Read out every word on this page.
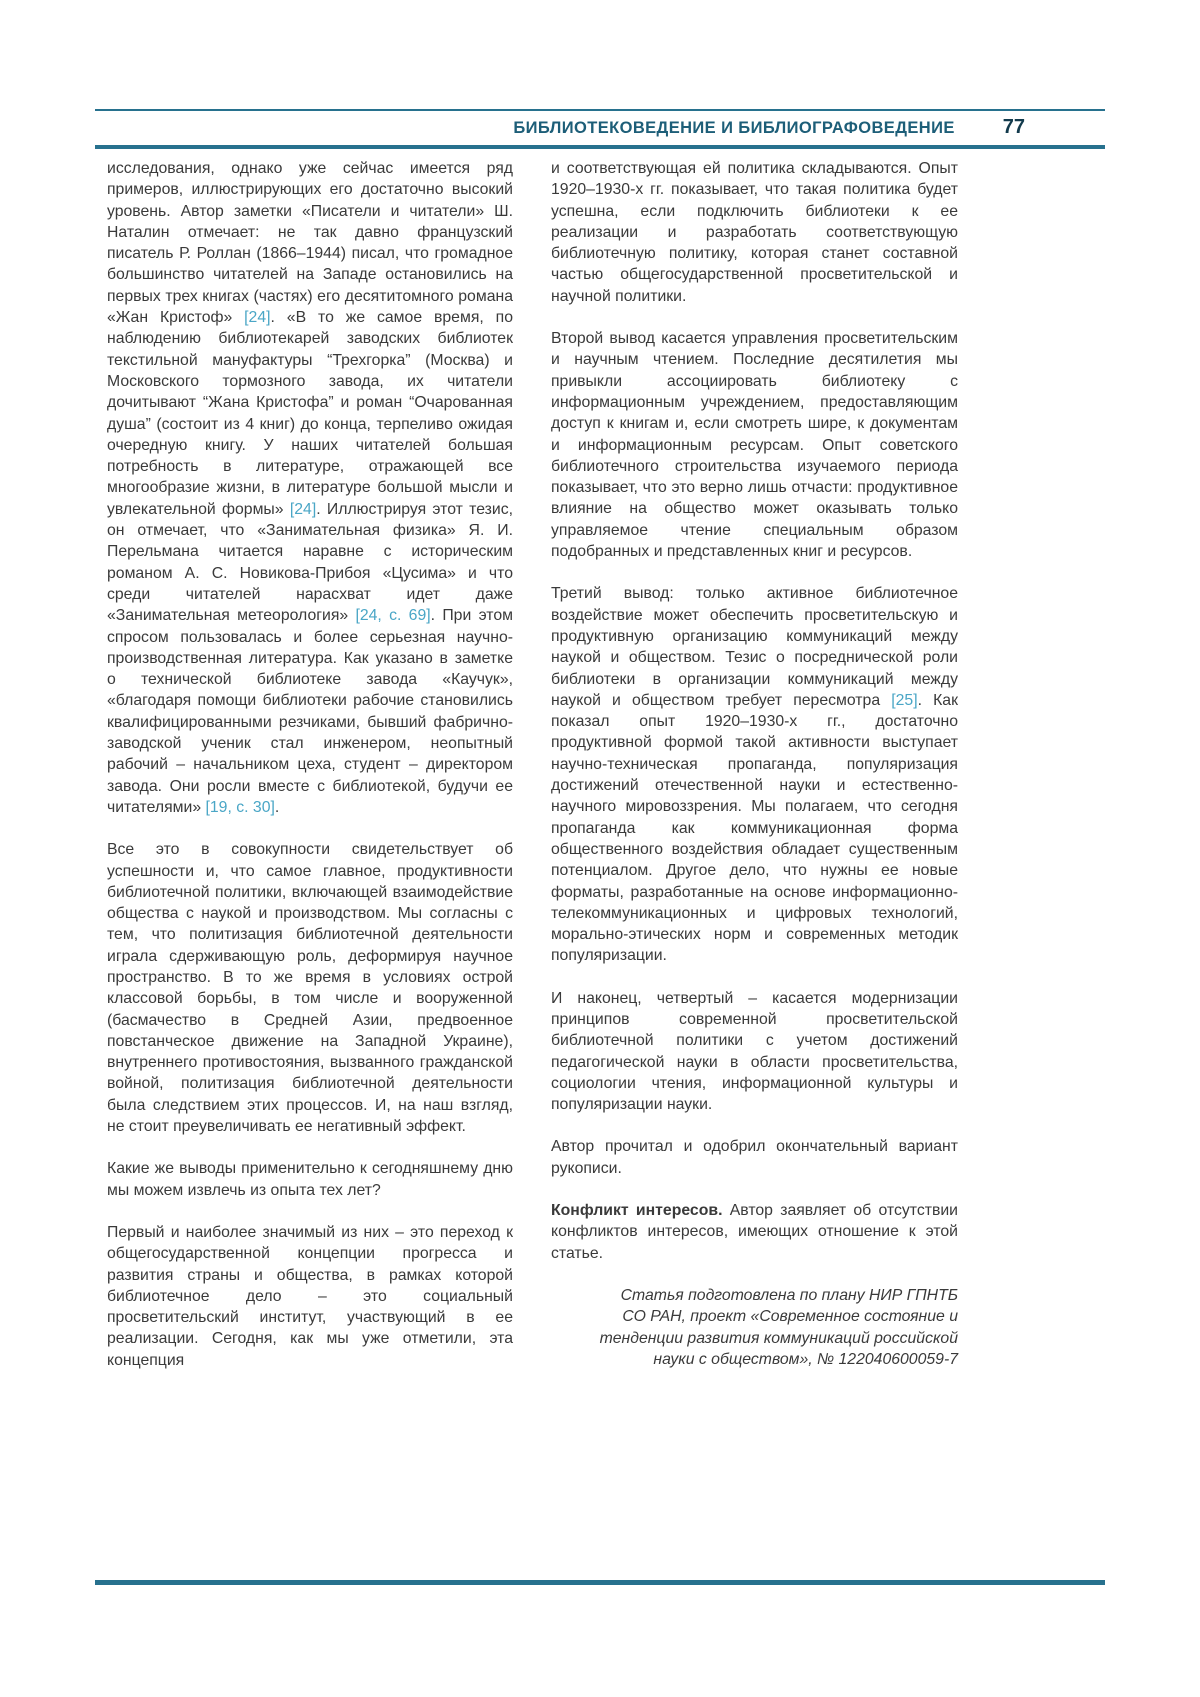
БИБЛИОТЕКОВЕДЕНИЕ И БИБЛИОГРАФОВЕДЕНИЕ 77

исследования, однако уже сейчас имеется ряд примеров, иллюстрирующих его достаточно высокий уровень. Автор заметки «Писатели и читатели» Ш. Наталин отмечает: не так давно французский писатель Р. Роллан (1866–1944) писал, что громадное большинство читателей на Западе остановились на первых трех книгах (частях) его десятитомного романа «Жан Кристоф» [24]. «В то же самое время, по наблюдению библиотекарей заводских библиотек текстильной мануфактуры “Трехгорка” (Москва) и Московского тормозного завода, их читатели дочитывают “Жана Кристофа” и роман “Очарованная душа” (состоит из 4 книг) до конца, терпеливо ожидая очередную книгу. У наших читателей большая потребность в литературе, отражающей все многообразие жизни, в литературе большой мысли и увлекательной формы» [24]. Иллюстрируя этот тезис, он отмечает, что «Занимательная физика» Я. И. Перельмана читается наравне с историческим романом А. С. Новикова-Прибоя «Цусима» и что среди читателей нарасхват идет даже «Занимательная метеорология» [24, с. 69]. При этом спросом пользовалась и более серьезная научно-производственная литература. Как указано в заметке о технической библиотеке завода «Каучук», «благодаря помощи библиотеки рабочие становились квалифицированными резчиками, бывший фабрично-заводской ученик стал инженером, неопытный рабочий – начальником цеха, студент – директором завода. Они росли вместе с библиотекой, будучи ее читателями» [19, с. 30].

Все это в совокупности свидетельствует об успешности и, что самое главное, продуктивности библиотечной политики, включающей взаимодействие общества с наукой и производством. Мы согласны с тем, что политизация библиотечной деятельности играла сдерживающую роль, деформируя научное пространство. В то же время в условиях острой классовой борьбы, в том числе и вооруженной (басмачество в Средней Азии, предвоенное повстанческое движение на Западной Украине), внутреннего противостояния, вызванного гражданской войной, политизация библиотечной деятельности была следствием этих процессов. И, на наш взгляд, не стоит преувеличивать ее негативный эффект.

Какие же выводы применительно к сегодняшнему дню мы можем извлечь из опыта тех лет?

Первый и наиболее значимый из них – это переход к общегосударственной концепции прогресса и развития страны и общества, в рамках которой библиотечное дело – это социальный просветительский институт, участвующий в ее реализации. Сегодня, как мы уже отметили, эта концепция

и соответствующая ей политика складываются. Опыт 1920–1930-х гг. показывает, что такая политика будет успешна, если подключить библиотеки к ее реализации и разработать соответствующую библиотечную политику, которая станет составной частью общегосударственной просветительской и научной политики.

Второй вывод касается управления просветительским и научным чтением. Последние десятилетия мы привыкли ассоциировать библиотеку с информационным учреждением, предоставляющим доступ к книгам и, если смотреть шире, к документам и информационным ресурсам. Опыт советского библиотечного строительства изучаемого периода показывает, что это верно лишь отчасти: продуктивное влияние на общество может оказывать только управляемое чтение специальным образом подобранных и представленных книг и ресурсов.

Третий вывод: только активное библиотечное воздействие может обеспечить просветительскую и продуктивную организацию коммуникаций между наукой и обществом. Тезис о посреднической роли библиотеки в организации коммуникаций между наукой и обществом требует пересмотра [25]. Как показал опыт 1920–1930-х гг., достаточно продуктивной формой такой активности выступает научно-техническая пропаганда, популяризация достижений отечественной науки и естественно-научного мировоззрения. Мы полагаем, что сегодня пропаганда как коммуникационная форма общественного воздействия обладает существенным потенциалом. Другое дело, что нужны ее новые форматы, разработанные на основе информационно-телекоммуникационных и цифровых технологий, морально-этических норм и современных методик популяризации.

И наконец, четвертый – касается модернизации принципов современной просветительской библиотечной политики с учетом достижений педагогической науки в области просветительства, социологии чтения, информационной культуры и популяризации науки.

Автор прочитал и одобрил окончательный вариант рукописи.

Конфликт интересов. Автор заявляет об отсутствии конфликтов интересов, имеющих отношение к этой статье.

Статья подготовлена по плану НИР ГПНТБ СО РАН, проект «Современное состояние и тенденции развития коммуникаций российской науки с обществом», № 122040600059-7
